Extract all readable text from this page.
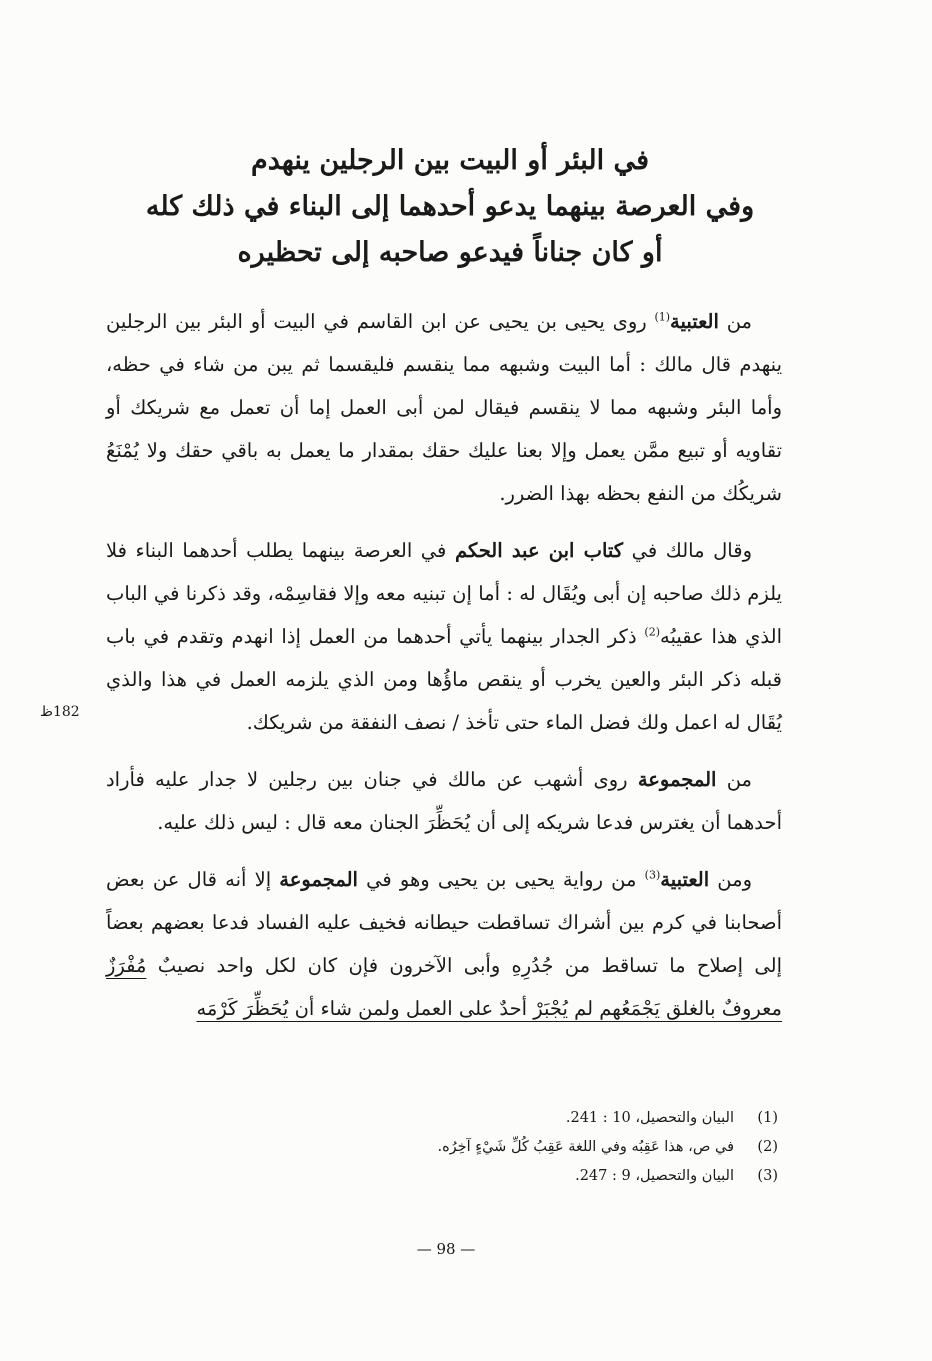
في البئر أو البيت بين الرجلين ينهدم
وفي العرصة بينهما يدعو أحدهما إلى البناء في ذلك كله
أو كان جناناً فيدعو صاحبه إلى تحظيره

من العتبية$^{(1)}$ روى يحيى بن يحيى عن ابن القاسم في البيت أو البئر بين الرجلين ينهدم قال مالك : أما البيت وشبهه مما ينقسم فليقسما ثم يبن من شاء في حظه، وأما البئر وشبهه مما لا ينقسم فيقال لمن أبى العمل إما أن تعمل مع شريكك أو تقاويه أو تبيع ممَّن يعمل وإلا بعنا عليك حقك بمقدار ما يعمل به باقي حقك ولا يُمْنَعُ شريكُك من النفع بحظه بهذا الضرر.

وقال مالك في كتاب ابن عبد الحكم في العرصة بينهما يطلب أحدهما البناء فلا يلزم ذلك صاحبه إن أبى ويُقَال له : أما إن تبنيه معه وإلا فقاسِمْه، وقد ذكرنا في الباب الذي هذا عقيبُه$^{(2)}$ ذكر الجدار بينهما يأتي أحدهما من العمل إذا انهدم وتقدم في باب قبله ذكر البئر والعين يخرب أو ينقص ماؤُها ومن الذي يلزمه العمل في هذا والذي يُقَال له اعمل ولك فضل الماء حتى تأخذ / نصف النفقة من شريكك.

من المجموعة روى أشهب عن مالك في جنان بين رجلين لا جدار عليه فأراد أحدهما أن يغترس فدعا شريكه إلى أن يُحَظِّرَ الجنان معه قال : ليس ذلك عليه.

ومن العتبية$^{(3)}$ من رواية يحيى بن يحيى وهو في المجموعة إلا أنه قال عن بعض أصحابنا في كرم بين أشراك تساقطت حيطانه فخيف عليه الفساد فدعا بعضهم بعضاً إلى إصلاح ما تساقط من جُدُرِهِ وأبى الآخرون فإن كان لكل واحد نصيبٌ مُفْرَزٌ معروفٌ بالغلق يَجْمَعُهم لم يُجْبَرْ أحدٌ على العمل ولمن شاء أن يُحَظِّرَ كَرْمَه

182ظ
(1)
البيان والتحصيل، 10 : 241.
(2)
في ص، هذا عَقِبُه وفي اللغة عَقِبُ كُلِّ شَيْءٍ آخِرُه.
(3)
البيان والتحصيل، 9 : 247.
— 98 —
